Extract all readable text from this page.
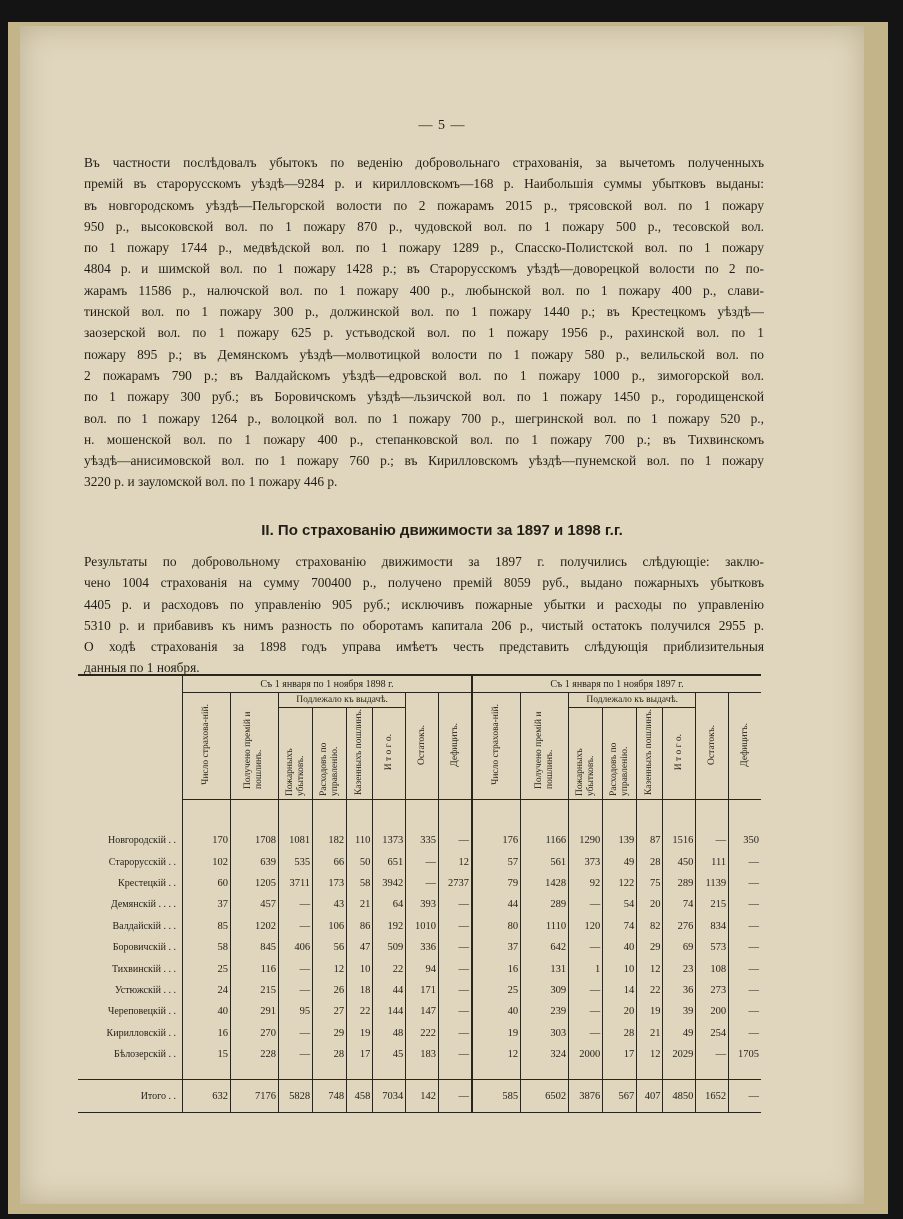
— 5 —
Въ частности послѣдовалъ убытокъ по веденію добровольнаго страхованія, за вычетомъ полученныхъ
премій въ старорусскомъ уѣздѣ—9284 р. и кирилловскомъ—168 р. Наибольшія суммы убытковъ выданы:
въ новгородскомъ уѣздѣ—Пельгорской волости по 2 пожарамъ 2015 р., трясовской вол. по 1 пожару
950 р., высоковской вол. по 1 пожару 870 р., чудовской вол. по 1 пожару 500 р., тесовской вол.
по 1 пожару 1744 р., медвѣдской вол. по 1 пожару 1289 р., Спасско-Полистской вол. по 1 пожару
4804 р. и шимской вол. по 1 пожару 1428 р.; въ Старорусскомъ уѣздѣ—доворецкой волости по 2 по-
жарамъ 11586 р., налючской вол. по 1 пожару 400 р., любынской вол. по 1 пожару 400 р., слави-
тинской вол. по 1 пожару 300 р., должинской вол. по 1 пожару 1440 р.; въ Крестецкомъ уѣздѣ—
заозерской вол. по 1 пожару 625 р. устьводской вол. по 1 пожару 1956 р., рахинской вол. по 1
пожару 895 р.; въ Демянскомъ уѣздѣ—молвотицкой волости по 1 пожару 580 р., велильской вол. по
2 пожарамъ 790 р.; въ Валдайскомъ уѣздѣ—едровской вол. по 1 пожару 1000 р., зимогорской вол.
по 1 пожару 300 руб.; въ Боровичскомъ уѣздѣ—льзичской вол. по 1 пожару 1450 р., городищенской
вол. по 1 пожару 1264 р., волоцкой вол. по 1 пожару 700 р., шегринской вол. по 1 пожару 520 р.,
н. мошенской вол. по 1 пожару 400 р., степанковской вол. по 1 пожару 700 р.; въ Тихвинскомъ
уѣздѣ—анисимовской вол. по 1 пожару 760 р.; въ Кирилловскомъ уѣздѣ—пунемской вол. по 1 пожару
3220 р. и зауломской вол. по 1 пожару 446 р.
II. По страхованію движимости за 1897 и 1898 г.г.
Результаты по добровольному страхованію движимости за 1897 г. получились слѣдующіе: заклю-
чено 1004 страхованія на сумму 700400 р., получено премій 8059 руб., выдано пожарныхъ убытковъ
4405 р. и расходовъ по управленію 905 руб.; исключивъ пожарные убытки и расходы по управленію
5310 р. и прибавивъ къ нимъ разность по оборотамъ капитала 206 р., чистый остатокъ получился 2955 р.
О ходѣ страхованія за 1898 годъ управа имѣетъ честь представить слѣдующія приблизительныя
данныя по 1 ноября.
	Съ 1 января по 1 ноября 1898 г.								Съ 1 января по 1 ноября 1897 г.							
	Число страхова-ній.	Получено премій и пошлинъ.	Подлежало къ выдачѣ.				Остатокъ.	Дефицитъ.	Число страхова-ній.	Получено премій и пошлинъ.	Подлежало къ выдачѣ.				Остатокъ.	Дефицитъ.
			Пожарныхъ убытковъ.	Расходовъ по управленію.	Казенныхъ пошлинъ.	И т о г о.					Пожарныхъ убытковъ.	Расходовъ по управленію.	Казенныхъ пошлинъ.	И т о г о.		

Новгородскій . .	170	1708	1081	182	110	1373	335	—	176	1166	1290	139	87	1516	—	350
Старорусскій . .	102	639	535	66	50	651	—	12	57	561	373	49	28	450	111	—
Крестецкій . .	60	1205	3711	173	58	3942	—	2737	79	1428	92	122	75	289	1139	—
Демянскій . . . .	37	457	—	43	21	64	393	—	44	289	—	54	20	74	215	—
Валдайскій . . .	85	1202	—	106	86	192	1010	—	80	1110	120	74	82	276	834	—
Боровичскій . .	58	845	406	56	47	509	336	—	37	642	—	40	29	69	573	—
Тихвинскій . . .	25	116	—	12	10	22	94	—	16	131	1	10	12	23	108	—
Устюжскій . . .	24	215	—	26	18	44	171	—	25	309	—	14	22	36	273	—
Череповецкій . .	40	291	95	27	22	144	147	—	40	239	—	20	19	39	200	—
Кирилловскій . .	16	270	—	29	19	48	222	—	19	303	—	28	21	49	254	—
Бѣлозерскій . .	15	228	—	28	17	45	183	—	12	324	2000	17	12	2029	—	1705

Итого . .	632	7176	5828	748	458	7034	142	—	585	6502	3876	567	407	4850	1652	—
